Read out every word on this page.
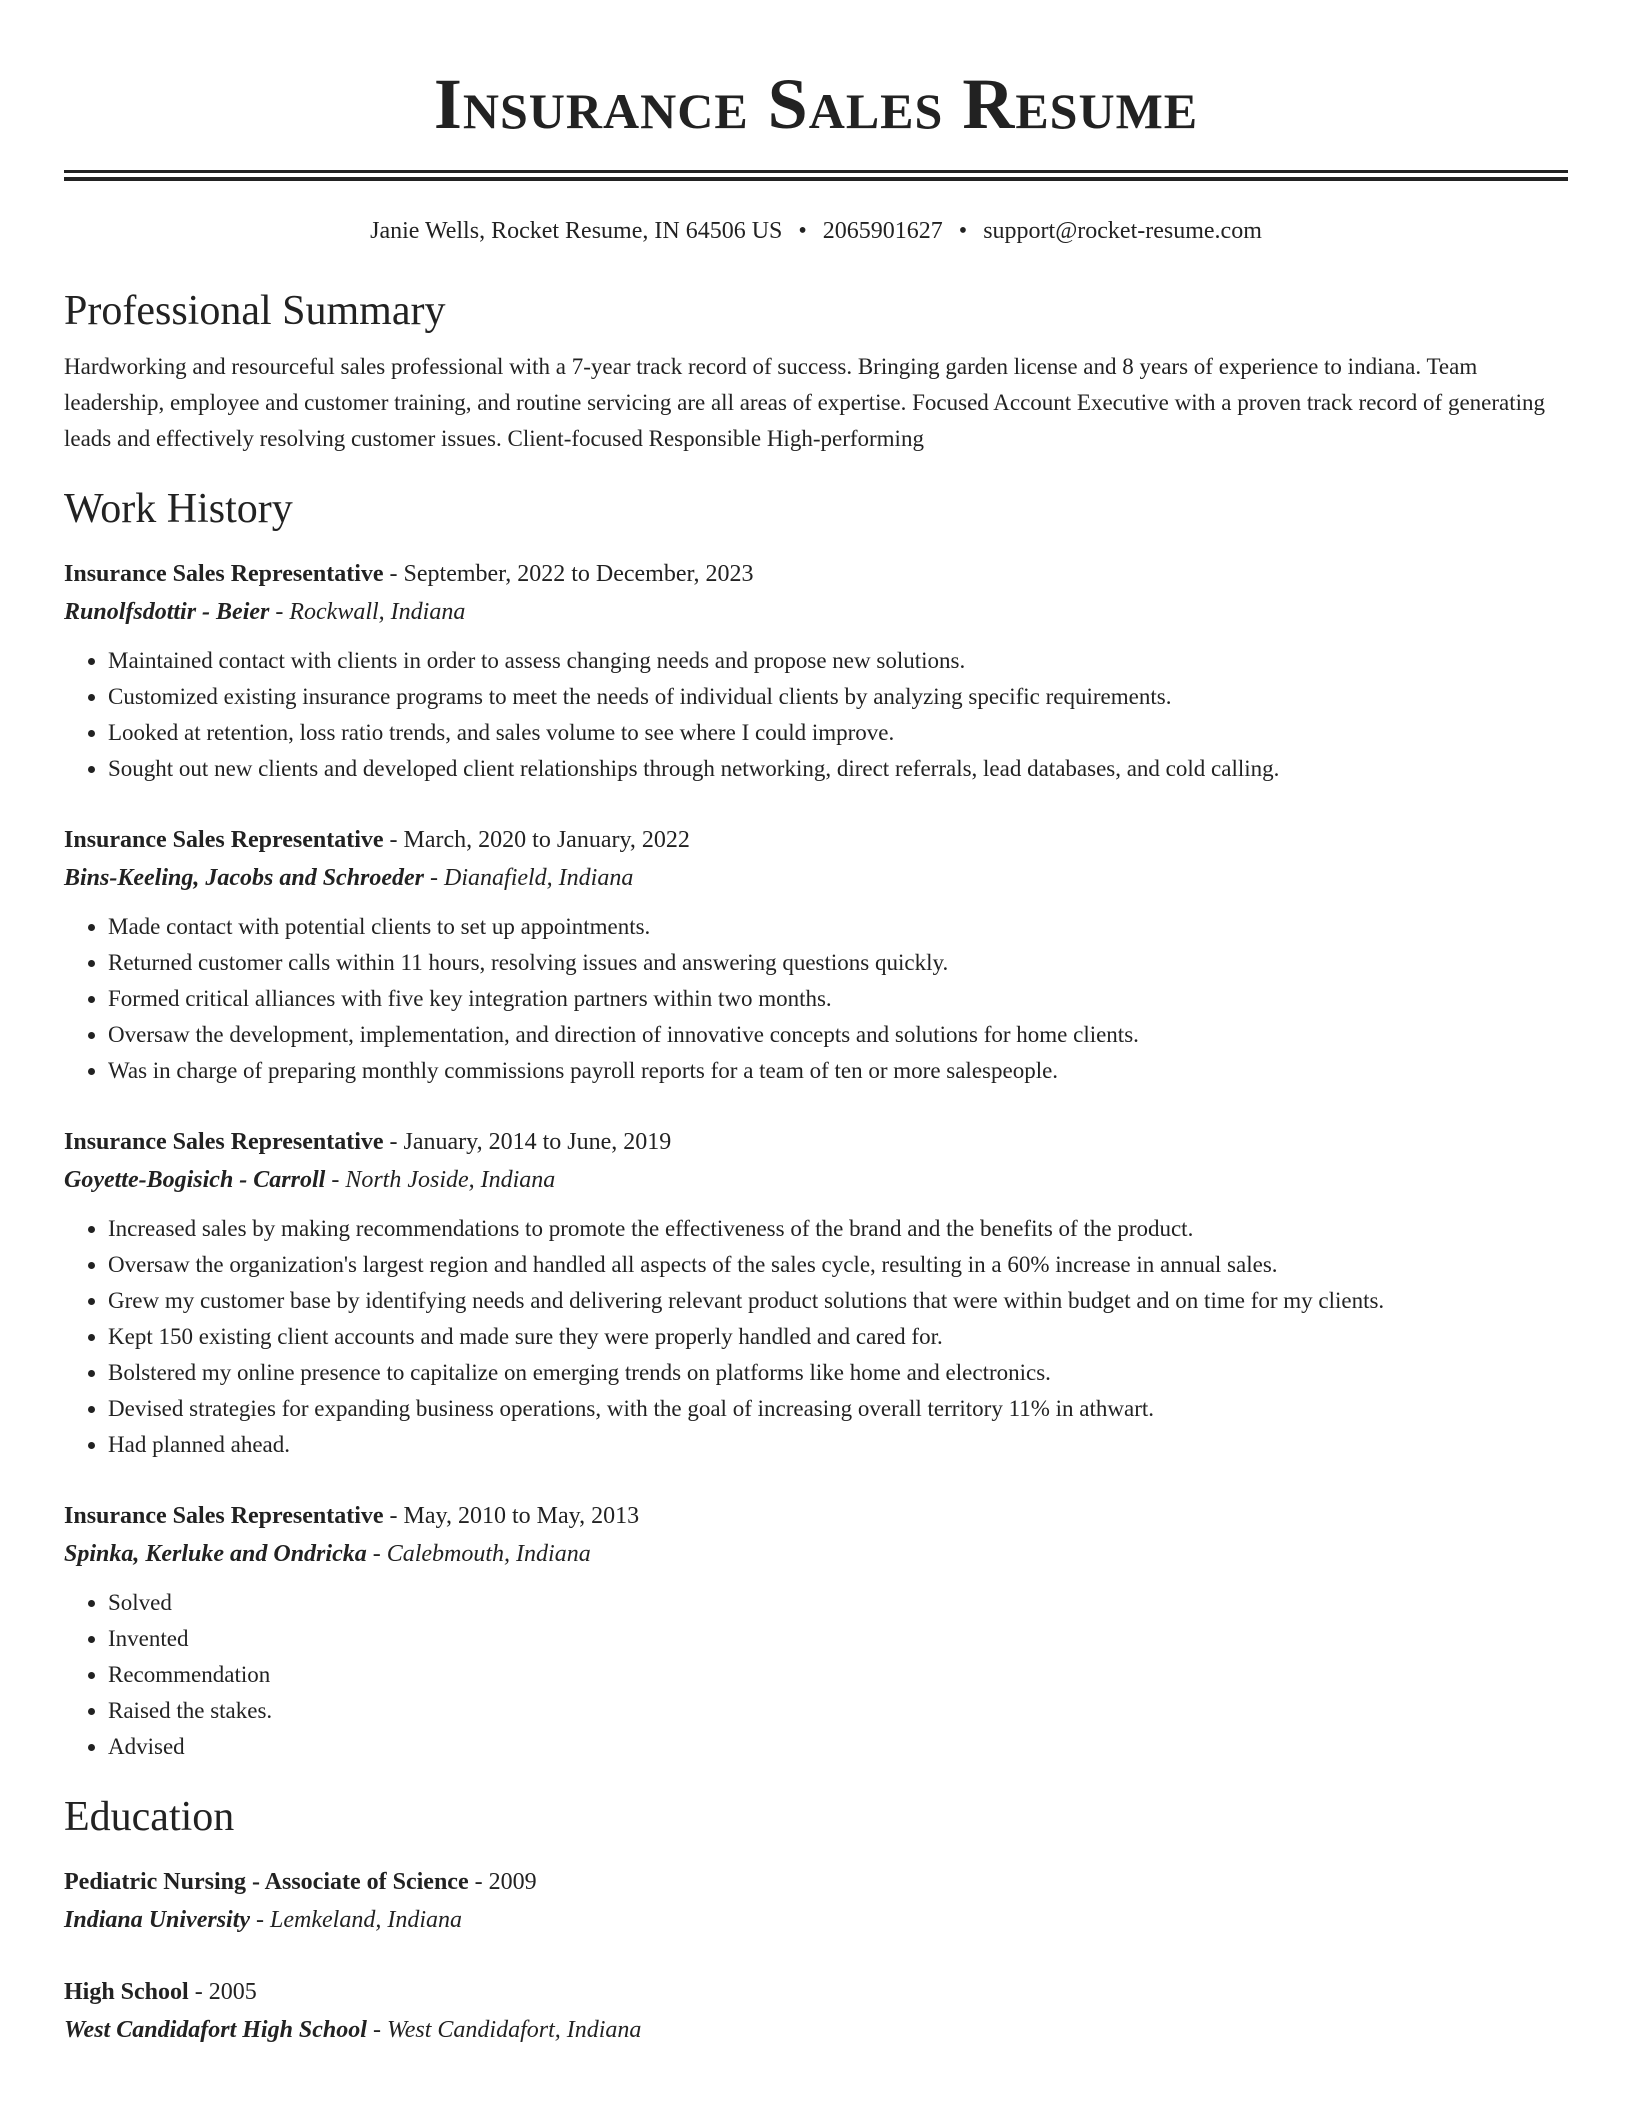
Insurance Sales Resume
Janie Wells, Rocket Resume, IN 64506 US • 2065901627 • support@rocket-resume.com
Professional Summary
Hardworking and resourceful sales professional with a 7-year track record of success. Bringing garden license and 8 years of experience to indiana. Team leadership, employee and customer training, and routine servicing are all areas of expertise. Focused Account Executive with a proven track record of generating leads and effectively resolving customer issues. Client-focused Responsible High-performing
Work History
Insurance Sales Representative - September, 2022 to December, 2023
Runolfsdottir - Beier - Rockwall, Indiana
• Maintained contact with clients in order to assess changing needs and propose new solutions.
• Customized existing insurance programs to meet the needs of individual clients by analyzing specific requirements.
• Looked at retention, loss ratio trends, and sales volume to see where I could improve.
• Sought out new clients and developed client relationships through networking, direct referrals, lead databases, and cold calling.
Insurance Sales Representative - March, 2020 to January, 2022
Bins-Keeling, Jacobs and Schroeder - Dianafield, Indiana
• Made contact with potential clients to set up appointments.
• Returned customer calls within 11 hours, resolving issues and answering questions quickly.
• Formed critical alliances with five key integration partners within two months.
• Oversaw the development, implementation, and direction of innovative concepts and solutions for home clients.
• Was in charge of preparing monthly commissions payroll reports for a team of ten or more salespeople.
Insurance Sales Representative - January, 2014 to June, 2019
Goyette-Bogisich - Carroll - North Joside, Indiana
• Increased sales by making recommendations to promote the effectiveness of the brand and the benefits of the product.
• Oversaw the organization's largest region and handled all aspects of the sales cycle, resulting in a 60% increase in annual sales.
• Grew my customer base by identifying needs and delivering relevant product solutions that were within budget and on time for my clients.
• Kept 150 existing client accounts and made sure they were properly handled and cared for.
• Bolstered my online presence to capitalize on emerging trends on platforms like home and electronics.
• Devised strategies for expanding business operations, with the goal of increasing overall territory 11% in athwart.
• Had planned ahead.
Insurance Sales Representative - May, 2010 to May, 2013
Spinka, Kerluke and Ondricka - Calebmouth, Indiana
• Solved
• Invented
• Recommendation
• Raised the stakes.
• Advised
Education
Pediatric Nursing - Associate of Science - 2009
Indiana University - Lemkeland, Indiana
High School - 2005
West Candidafort High School - West Candidafort, Indiana
